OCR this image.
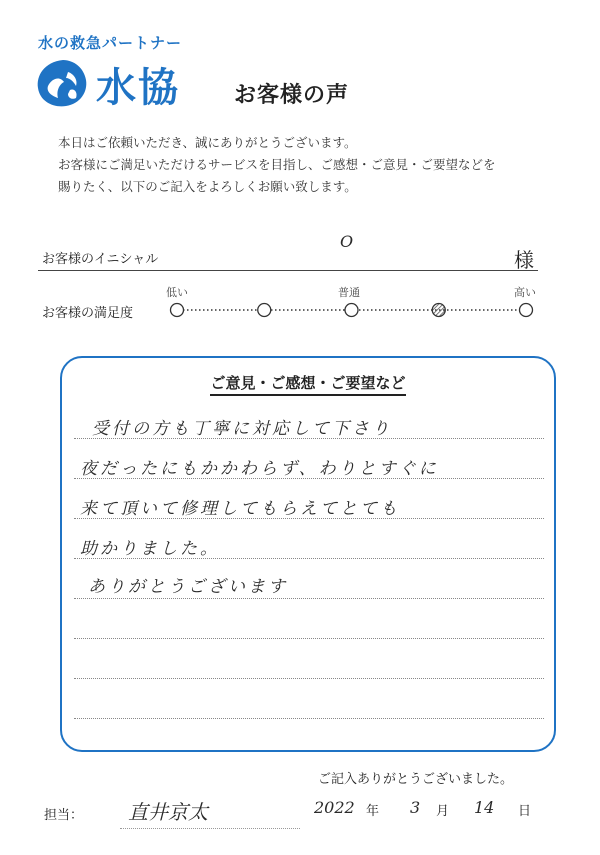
水の救急パートナー
水協 お客様の声
本日はご依頼いただき、誠にありがとうございます。
お客様にご満足いただけるサービスを目指し、ご感想・ご意見・ご要望などを
賜りたく、以下のご記入をよろしくお願い致します。
お客様のイニシャル
O
様
お客様の満足度
低い	普通	高い
ご意見・ご感想・ご要望など
受付の方も丁寧に対応して下さり
夜だったにもかかわらず、わりとすぐに
来て頂いて修理してもらえてとても
助かりました。
ありがとうございます
ご記入ありがとうございました。
担当： 直井京太	2022 年 3 月 14 日
